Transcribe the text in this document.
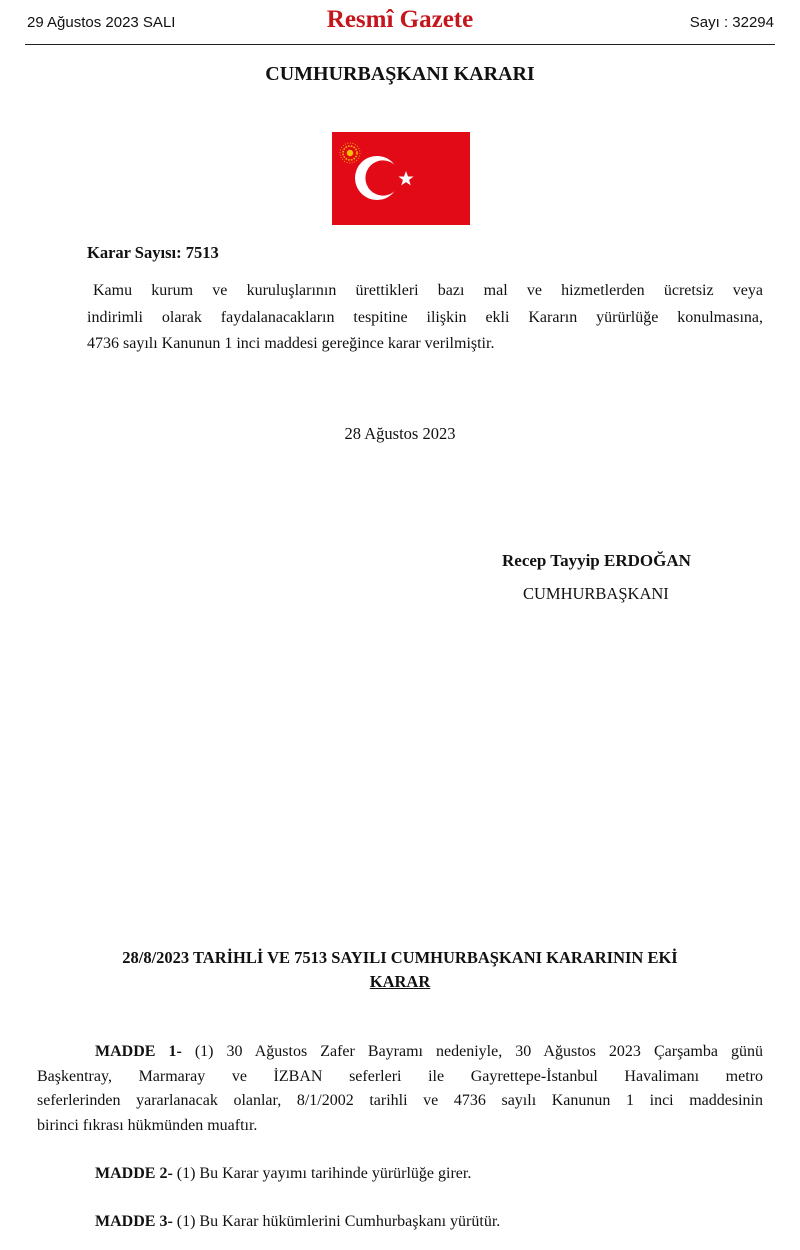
29 Ağustos 2023 SALI	Resmî Gazete	Sayı : 32294
CUMHURBAŞKANI KARARI
Karar Sayısı: 7513
Kamu kurum ve kuruluşlarının ürettikleri bazı mal ve hizmetlerden ücretsiz veya
indirimli olarak faydalanacakların tespitine ilişkin ekli Kararın yürürlüğe konulmasına,
4736 sayılı Kanunun 1 inci maddesi gereğince karar verilmiştir.
28 Ağustos 2023
Recep Tayyip ERDOĞAN
CUMHURBAŞKANI
28/8/2023 TARİHLİ VE 7513 SAYILI CUMHURBAŞKANI KARARININ EKİ
KARAR
MADDE 1- (1) 30 Ağustos Zafer Bayramı nedeniyle, 30 Ağustos 2023 Çarşamba günü
Başkentray, Marmaray ve İZBAN seferleri ile Gayrettepe-İstanbul Havalimanı metro
seferlerinden yararlanacak olanlar, 8/1/2002 tarihli ve 4736 sayılı Kanunun 1 inci maddesinin
birinci fıkrası hükmünden muaftır.
MADDE 2- (1) Bu Karar yayımı tarihinde yürürlüğe girer.
MADDE 3- (1) Bu Karar hükümlerini Cumhurbaşkanı yürütür.
